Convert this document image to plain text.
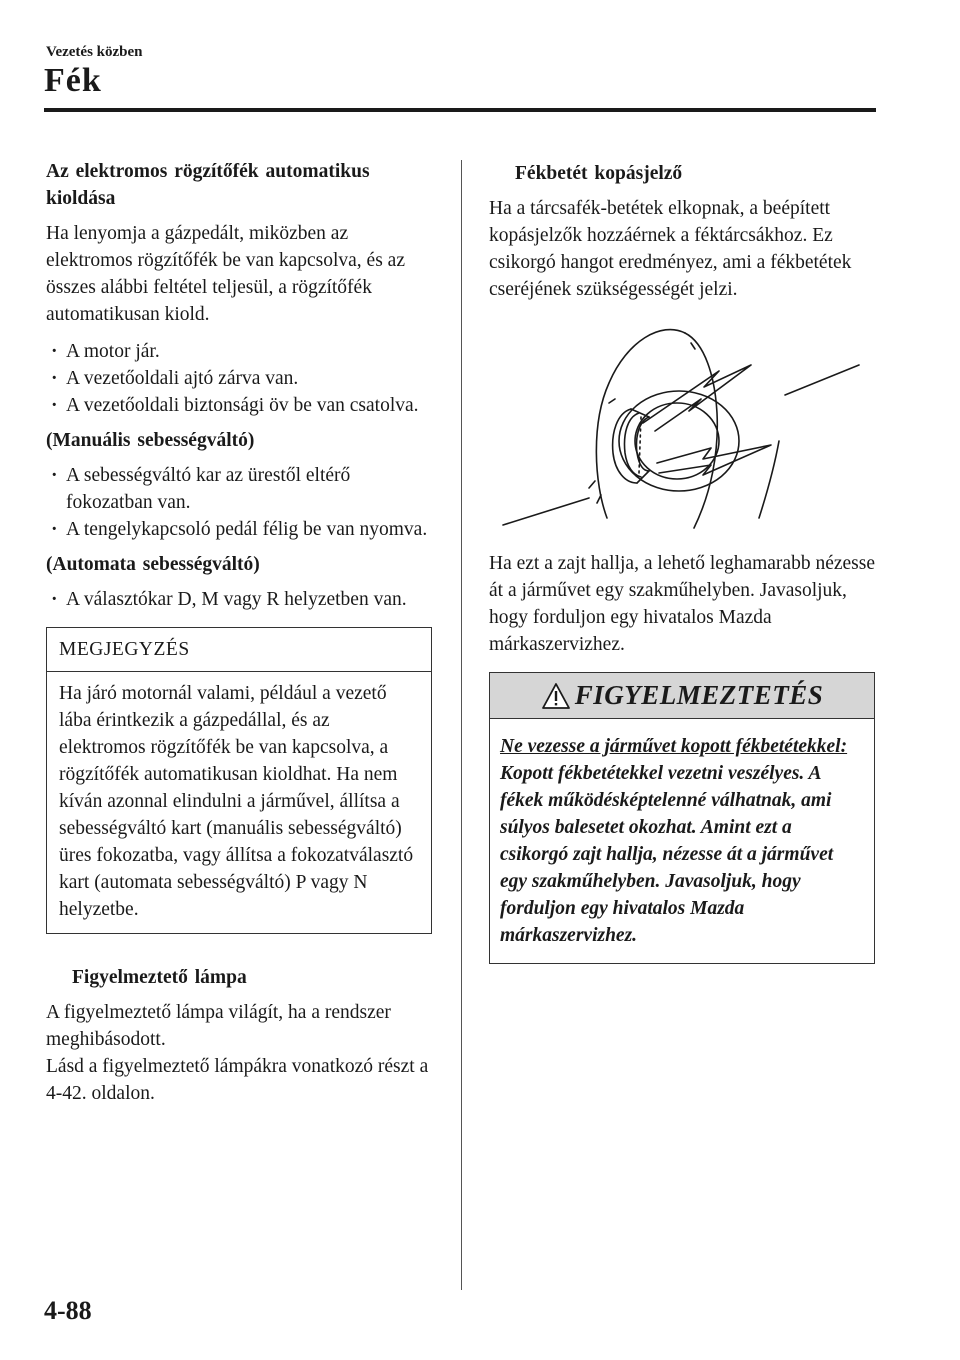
Vezetés közben
Fék
Az elektromos rögzítőfék automatikus kioldása
Ha lenyomja a gázpedált, miközben az elektromos rögzítőfék be van kapcsolva, és az összes alábbi feltétel teljesül, a rögzítőfék automatikusan kiold.
· A motor jár.
· A vezetőoldali ajtó zárva van.
· A vezetőoldali biztonsági öv be van csatolva.
(Manuális sebességváltó)
· A sebességváltó kar az ürestől eltérő fokozatban van.
· A tengelykapcsoló pedál félig be van nyomva.
(Automata sebességváltó)
· A választókar D, M vagy R helyzetben van.
MEGJEGYZÉS
Ha járó motornál valami, például a vezető lába érintkezik a gázpedállal, és az elektromos rögzítőfék be van kapcsolva, a rögzítőfék automatikusan kioldhat. Ha nem kíván azonnal elindulni a járművel, állítsa a sebességváltó kart (manuális sebességváltó) üres fokozatba, vagy állítsa a fokozatválasztó kart (automata sebességváltó) P vagy N helyzetbe.
Figyelmeztető lámpa
A figyelmeztető lámpa világít, ha a rendszer meghibásodott.
Lásd a figyelmeztető lámpákra vonatkozó részt a 4-42. oldalon.
Fékbetét kopásjelző
Ha a tárcsafék-betétek elkopnak, a beépített kopásjelzők hozzáérnek a féktárcsákhoz. Ez csikorgó hangot eredményez, ami a fékbetétek cseréjének szükségességét jelzi.
Ha ezt a zajt hallja, a lehető leghamarabb nézesse át a járművet egy szakműhelyben. Javasoljuk, hogy forduljon egy hivatalos Mazda márkaszervizhez.
FIGYELMEZTETÉS
Ne vezesse a járművet kopott fékbetétekkel:
Kopott fékbetétekkel vezetni veszélyes. A fékek működésképtelenné válhatnak, ami súlyos balesetet okozhat. Amint ezt a csikorgó zajt hallja, nézesse át a járművet egy szakműhelyben. Javasoljuk, hogy forduljon egy hivatalos Mazda márkaszervizhez.
4-88
